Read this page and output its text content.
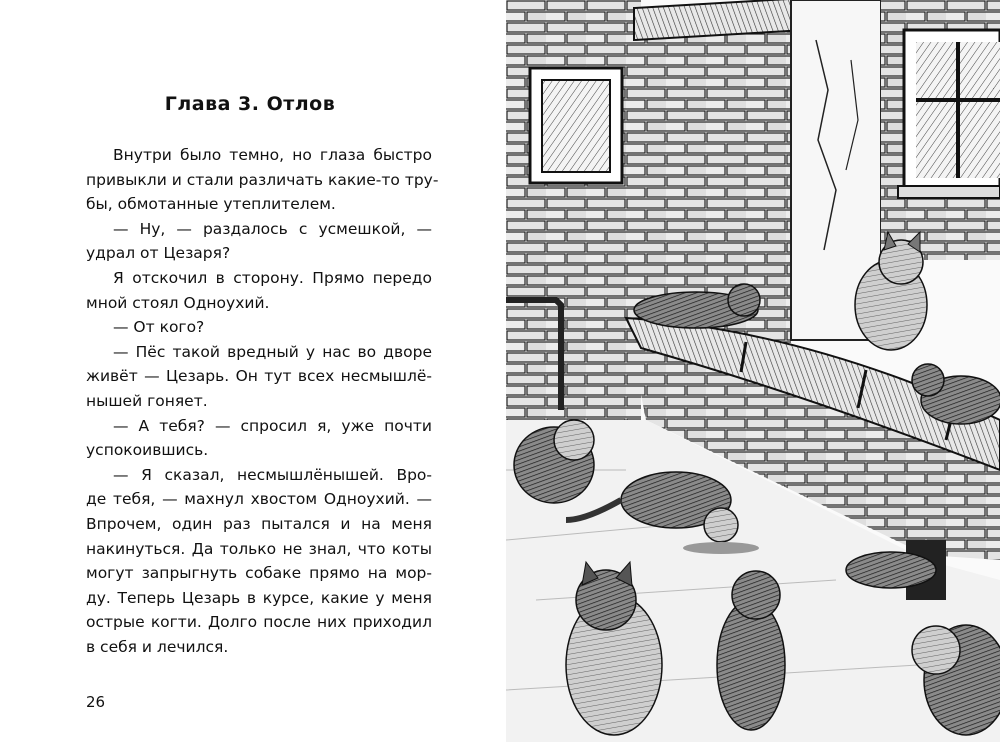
Глава 3. Отлов
Внутри было темно, но глаза быстро
привыкли и стали различать какие-то тру-
бы, обмотанные утеплителем.
— Ну, — раздалось с усмешкой, —
удрал от Цезаря?
Я отскочил в сторону. Прямо передо
мной стоял Одноухий.
— От кого?
— Пёс такой вредный у нас во дворе
живёт — Цезарь. Он тут всех несмышлё-
нышей гоняет.
— А тебя? — спросил я, уже почти
успокоившись.
— Я сказал, несмышлёнышей. Вро-
де тебя, — махнул хвостом Одноухий. —
Впрочем, один раз пытался и на меня
накинуться. Да только не знал, что коты
могут запрыгнуть собаке прямо на мор-
ду. Теперь Цезарь в курсе, какие у меня
острые когти. Долго после них приходил
в себя и лечился.
26
